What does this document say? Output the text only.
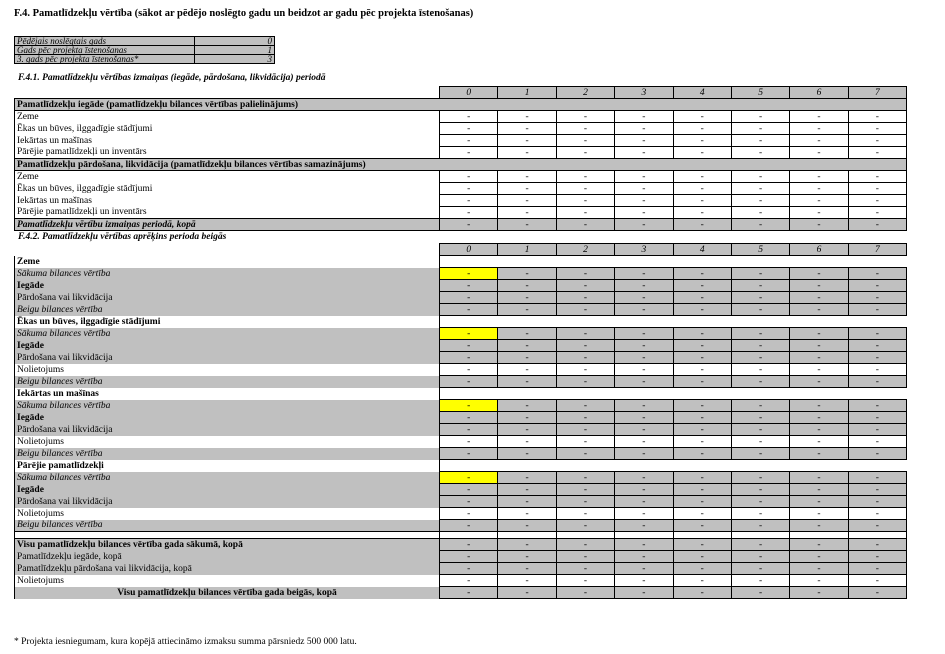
F.4. Pamatlīdzekļu vērtība (sākot ar pēdējo noslēgto gadu un beidzot ar gadu pēc projekta īstenošanas)
Pēdējais noslēgtais gads	0
Gads pēc projekta īstenošanas	1
3. gads pēc projekta īstenošanas*	3
F.4.1. Pamatlīdzekļu vērtības izmaiņas (iegāde, pārdošana, likvidācija) periodā
	0	1	2	3	4	5	6	7
Pamatlīdzekļu iegāde (pamatlīdzekļu bilances vērtības palielinājums)								
Zeme	-	-	-	-	-	-	-	-
Ēkas un būves, ilggadīgie stādījumi	-	-	-	-	-	-	-	-
Iekārtas un mašīnas	-	-	-	-	-	-	-	-
Pārējie pamatlīdzekļi un inventārs	-	-	-	-	-	-	-	-
Pamatlīdzekļu pārdošana, likvidācija (pamatlīdzekļu bilances vērtības samazinājums)								
Zeme	-	-	-	-	-	-	-	-
Ēkas un būves, ilggadīgie stādījumi	-	-	-	-	-	-	-	-
Iekārtas un mašīnas	-	-	-	-	-	-	-	-
Pārējie pamatlīdzekļi un inventārs	-	-	-	-	-	-	-	-
Pamatlīdzekļu vērtību izmaiņas periodā, kopā	-	-	-	-	-	-	-	-
F.4.2. Pamatlīdzekļu vērtības aprēķins perioda beigās
	0	1	2	3	4	5	6	7
Zeme								
Sākuma bilances vērtība	-	-	-	-	-	-	-	-
Iegāde	-	-	-	-	-	-	-	-
Pārdošana vai likvidācija	-	-	-	-	-	-	-	-
Beigu bilances vērtība	-	-	-	-	-	-	-	-
Ēkas un būves, ilggadīgie stādījumi								
Sākuma bilances vērtība	-	-	-	-	-	-	-	-
Iegāde	-	-	-	-	-	-	-	-
Pārdošana vai likvidācija	-	-	-	-	-	-	-	-
Nolietojums	-	-	-	-	-	-	-	-
Beigu bilances vērtība	-	-	-	-	-	-	-	-
Iekārtas un mašīnas								
Sākuma bilances vērtība	-	-	-	-	-	-	-	-
Iegāde	-	-	-	-	-	-	-	-
Pārdošana vai likvidācija	-	-	-	-	-	-	-	-
Nolietojums	-	-	-	-	-	-	-	-
Beigu bilances vērtība	-	-	-	-	-	-	-	-
Pārējie pamatlīdzekļi								
Sākuma bilances vērtība	-	-	-	-	-	-	-	-
Iegāde	-	-	-	-	-	-	-	-
Pārdošana vai likvidācija	-	-	-	-	-	-	-	-
Nolietojums	-	-	-	-	-	-	-	-
Beigu bilances vērtība	-	-	-	-	-	-	-	-

Visu pamatlīdzekļu bilances vērtība gada sākumā, kopā	-	-	-	-	-	-	-	-
Pamatlīdzekļu iegāde, kopā	-	-	-	-	-	-	-	-
Pamatlīdzekļu pārdošana vai likvidācija, kopā	-	-	-	-	-	-	-	-
Nolietojums	-	-	-	-	-	-	-	-
Visu pamatlīdzekļu bilances vērtība gada beigās, kopā	-	-	-	-	-	-	-	-
* Projekta iesniegumam, kura kopējā attiecināmo izmaksu summa pārsniedz 500 000 latu.
